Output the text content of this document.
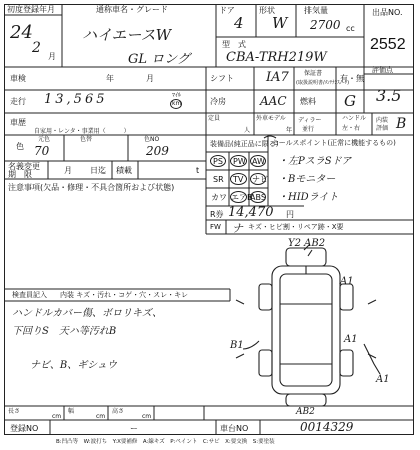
初度登録年月
24
2
月
通称車名・グレード
ハイエースW
GL ロング
ドア
4
形状
W
排気量
2700 cc
型　式
CBA-TRH219W
出品NO.
2552
車検	年	月
走行 13,565	ﾏｲﾙ
km
車歴
自家用・レンタ・事業用（　　　）
色
元色
70
色替	色NO
209
名義変更
期　限	月 日迄 積載	t
注意事項(欠品・修理・不具合箇所および状態)
シフト IA7	保証書
(取扱説明書/ﾒﾝﾃﾅﾝｽﾉｰﾄ)
有・無
評価点
3.5
冷房	AAC 燃料 G
定員
人
外車モデル
年
ディラー
並行
ハンドル
左・右
内装
評価 B
装備品(純正品に限る)
PS PW AW
SR TV ナビ
カワ エアB
ABS
R券 14,470 円
FW ナ キズ・ヒビ割・リペア跡・X要
セールスポイント(正常に機能するもの)
・左PスラSドア
・Bモニター
・HIDライト
Y2 AB2
A1
A1
B1
A1
AB2
検査員記入 内装 キズ・汚れ・コゲ・穴・スレ・キレ
ハンドルカバー傷、ボロリキズ、
下回りS　天ハ等汚れB
ナビ、B、ギシュウ
長さ
cm
幅
cm
高さ
cm
登録NO	ー	車台NO	0014329
B:凹凸等　W:波打ち　Y:X要補修　A:線キズ　P:ペイント　C:サビ　X:要交換　S:要塗装
